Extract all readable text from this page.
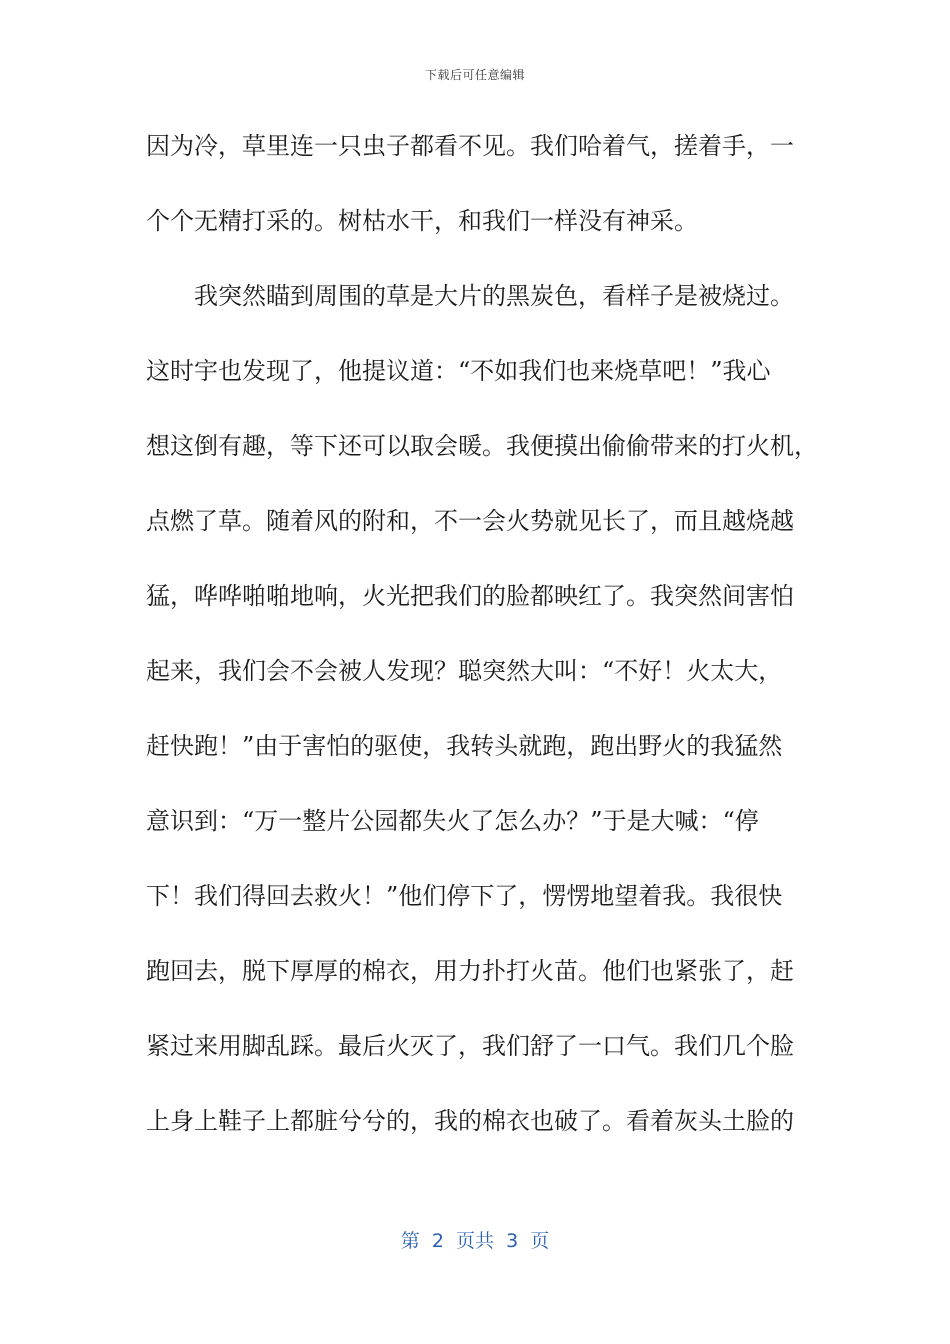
下载后可任意编辑
因为冷，草里连一只虫子都看不见。我们哈着气，搓着手，一
个个无精打采的。树枯水干，和我们一样没有神采。
我突然瞄到周围的草是大片的黑炭色，看样子是被烧过。
这时宇也发现了，他提议道：“不如我们也来烧草吧！”我心
想这倒有趣，等下还可以取会暖。我便摸出偷偷带来的打火机，
点燃了草。随着风的附和，不一会火势就见长了，而且越烧越
猛，哗哗啪啪地响，火光把我们的脸都映红了。我突然间害怕
起来，我们会不会被人发现？聪突然大叫：“不好！火太大，
赶快跑！”由于害怕的驱使，我转头就跑，跑出野火的我猛然
意识到：“万一整片公园都失火了怎么办？”于是大喊：“停
下！我们得回去救火！”他们停下了，愣愣地望着我。我很快
跑回去，脱下厚厚的棉衣，用力扑打火苗。他们也紧张了，赶
紧过来用脚乱踩。最后火灭了，我们舒了一口气。我们几个脸
上身上鞋子上都脏兮兮的，我的棉衣也破了。看着灰头土脸的
第  2  页共  3  页
